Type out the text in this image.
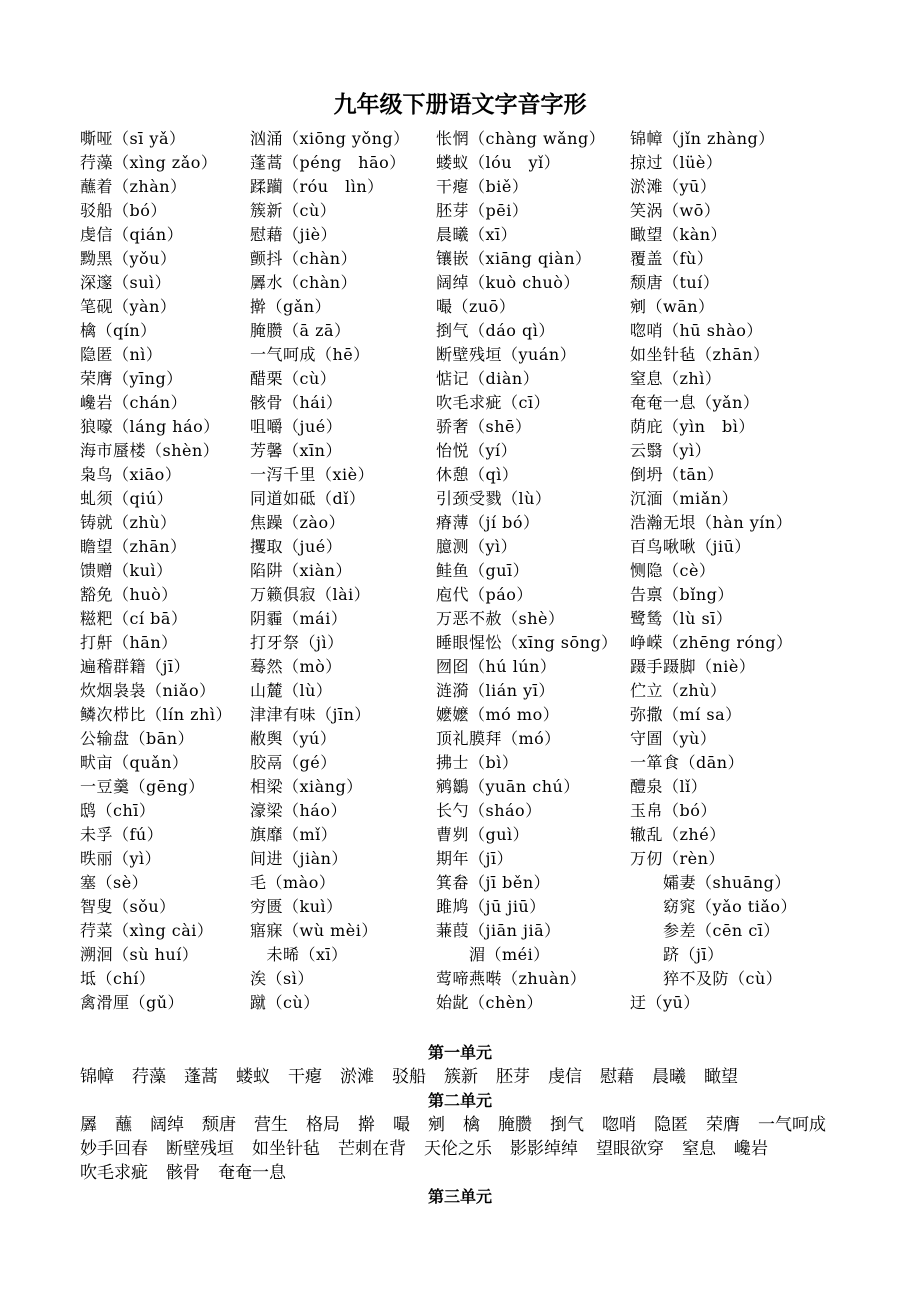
九年级下册语文字音字形
嘶哑（sī yǎ）
荇藻（xìng zǎo）
蘸着（zhàn）
驳船（bó）
虔信（qián）
黝黑（yǒu）
深邃（suì）
笔砚（yàn）
檎（qín）
隐匿（nì）
荣膺（yīng）
巉岩（chán）
狼嚎（láng háo）
海市蜃楼（shèn）
枭鸟（xiāo）
虬须（qiú）
铸就（zhù）
瞻望（zhān）
馈赠（kuì）
豁免（huò）
糍粑（cí bā）
打鼾（hān）
遍稽群籍（jī）
炊烟袅袅（niǎo）
鳞次栉比（lín zhì）
公输盘（bān）
畎亩（quǎn）
一豆羹（gēng）
鸱（chī）
未孚（fú）
昳丽（yì）
塞（sè）
智叟（sǒu）
荇菜（xìng cài）
溯洄（sù huí）
坻（chí）
禽滑厘（gǔ）
汹涌（xiōng yǒng）
蓬蒿（péng　hāo）
蹂躏（róu　lìn）
簇新（cù）
慰藉（jiè）
颤抖（chàn）
羼水（chàn）
擀（gǎn）
腌臜（ā zā）
一气呵成（hē）
醋栗（cù）
骸骨（hái）
咀嚼（jué）
芳馨（xīn）
一泻千里（xiè）
同道如砥（dǐ）
焦躁（zào）
攫取（jué）
陷阱（xiàn）
万籁俱寂（lài）
阴霾（mái）
打牙祭（jì）
蓦然（mò）
山麓（lù）
津津有味（jīn）
敝舆（yú）
胶鬲（gé）
相梁（xiàng）
濠梁（háo）
旗靡（mǐ）
间进（jiàn）
毛（mào）
穷匮（kuì）
寤寐（wù mèi）
　未晞（xī）
涘（sì）
蹴（cù）
怅惘（chàng wǎng）
蝼蚁（lóu　yǐ）
干瘪（biě）
胚芽（pēi）
晨曦（xī）
镶嵌（xiāng qiàn）
阔绰（kuò chuò）
嘬（zuō）
捯气（dáo qì）
断壁残垣（yuán）
惦记（diàn）
吹毛求疵（cī）
骄奢（shē）
怡悦（yí）
休憩（qì）
引颈受戮（lù）
瘠薄（jí bó）
臆测（yì）
鲑鱼（guī）
庖代（páo）
万恶不赦（shè）
睡眼惺忪（xīng sōng）
囫囵（hú lún）
涟漪（lián yī）
嬷嬷（mó mo）
顶礼膜拜（mó）
拂士（bì）
鹓鶵（yuān chú）
长勺（sháo）
曹刿（guì）
期年（jī）
箕畚（jī běn）
雎鸠（jū jiū）
蒹葭（jiān jiā）
　　湄（méi）
莺啼燕啭（zhuàn）
始龀（chèn）
锦幛（jǐn zhàng）
掠过（lüè）
淤滩（yū）
笑涡（wō）
瞰望（kàn）
覆盖（fù）
颓唐（tuí）
剜（wān）
唿哨（hū shào）
如坐针毡（zhān）
窒息（zhì）
奄奄一息（yǎn）
荫庇（yìn　bì）
云翳（yì）
倒坍（tān）
沉湎（miǎn）
浩瀚无垠（hàn yín）
百鸟啾啾（jiū）
恻隐（cè）
告禀（bǐng）
鹭鸶（lù sī）
峥嵘（zhēng róng）
蹑手蹑脚（niè）
伫立（zhù）
弥撒（mí sa）
守圄（yù）
一箪食（dān）
醴泉（lǐ）
玉帛（bó）
辙乱（zhé）
万仞（rèn）
　　孀妻（shuāng）
　　窈窕（yǎo tiǎo）
　　参差（cēn cī）
　　跻（jī）
　　猝不及防（cù）
迂（yū）
第一单元

锦幛 荇藻 蓬蒿 蝼蚁 干瘪 淤滩 驳船 簇新 胚芽 虔信 慰藉 晨曦 瞰望

第二单元

羼 蘸 阔绰 颓唐 营生 格局 擀 嘬 剜 檎 腌臜 捯气 唿哨 隐匿 荣膺 一气呵成妙手回春 断壁残垣 如坐针毡 芒刺在背 天伦之乐 影影绰绰 望眼欲穿 窒息 巉岩吹毛求疵 骸骨 奄奄一息

第三单元
